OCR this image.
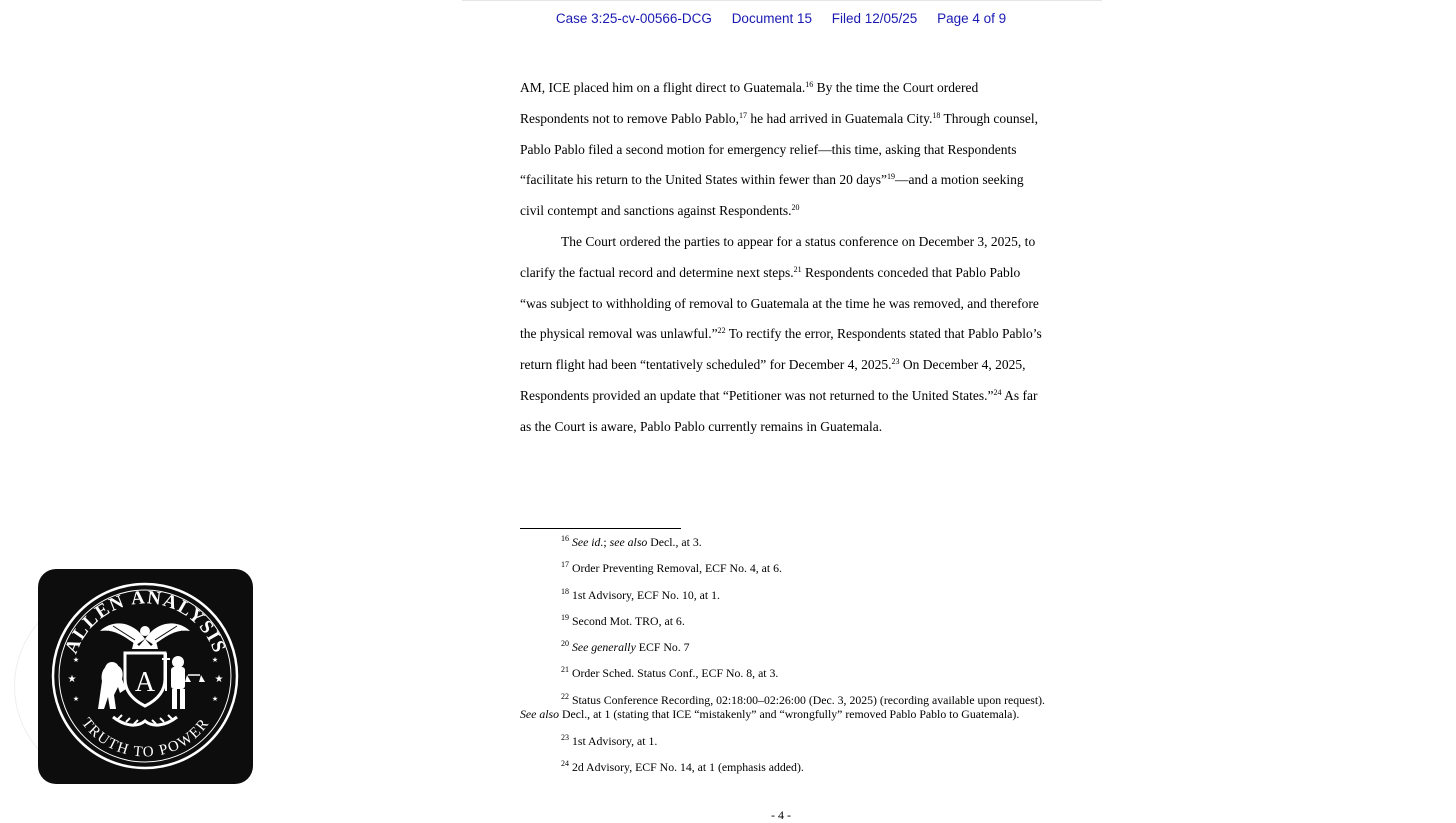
Case 3:25-cv-00566-DCG Document 15 Filed 12/05/25 Page 4 of 9

AM, ICE placed him on a flight direct to Guatemala.$^{16}$ By the time the Court ordered Respondents not to remove Pablo Pablo,$^{17}$ he had arrived in Guatemala City.$^{18}$ Through counsel, Pablo Pablo filed a second motion for emergency relief—this time, asking that Respondents “facilitate his return to the United States within fewer than 20 days”$^{19}$—and a motion seeking civil contempt and sanctions against Respondents.$^{20}$

The Court ordered the parties to appear for a status conference on December 3, 2025, to clarify the factual record and determine next steps.$^{21}$ Respondents conceded that Pablo Pablo “was subject to withholding of removal to Guatemala at the time he was removed, and therefore the physical removal was unlawful.”$^{22}$ To rectify the error, Respondents stated that Pablo Pablo’s return flight had been “tentatively scheduled” for December 4, 2025.23 On December 4, 2025, Respondents provided an update that “Petitioner was not returned to the United States.”$^{24}$ As far as the Court is aware, Pablo Pablo currently remains in Guatemala.

$^{16}$ See id.; see also Decl., at 3.
$^{17}$ Order Preventing Removal, ECF No. 4, at 6.
$^{18}$ 1st Advisory, ECF No. 10, at 1.
$^{19}$ Second Mot. TRO, at 6.
$^{20}$ See generally ECF No. 7
$^{21}$ Order Sched. Status Conf., ECF No. 8, at 3.
$^{22}$ Status Conference Recording, 02:18:00–02:26:00 (Dec. 3, 2025) (recording available upon request). See also Decl., at 1 (stating that ICE “mistakenly” and “wrongfully” removed Pablo Pablo to Guatemala).
$^{23}$ 1st Advisory, at 1.
$^{24}$ 2d Advisory, ECF No. 14, at 1 (emphasis added).
- 4 -
ALLEN ANALYSIS
TRUTH TO POWER
★	★
★	★
★	★
A
